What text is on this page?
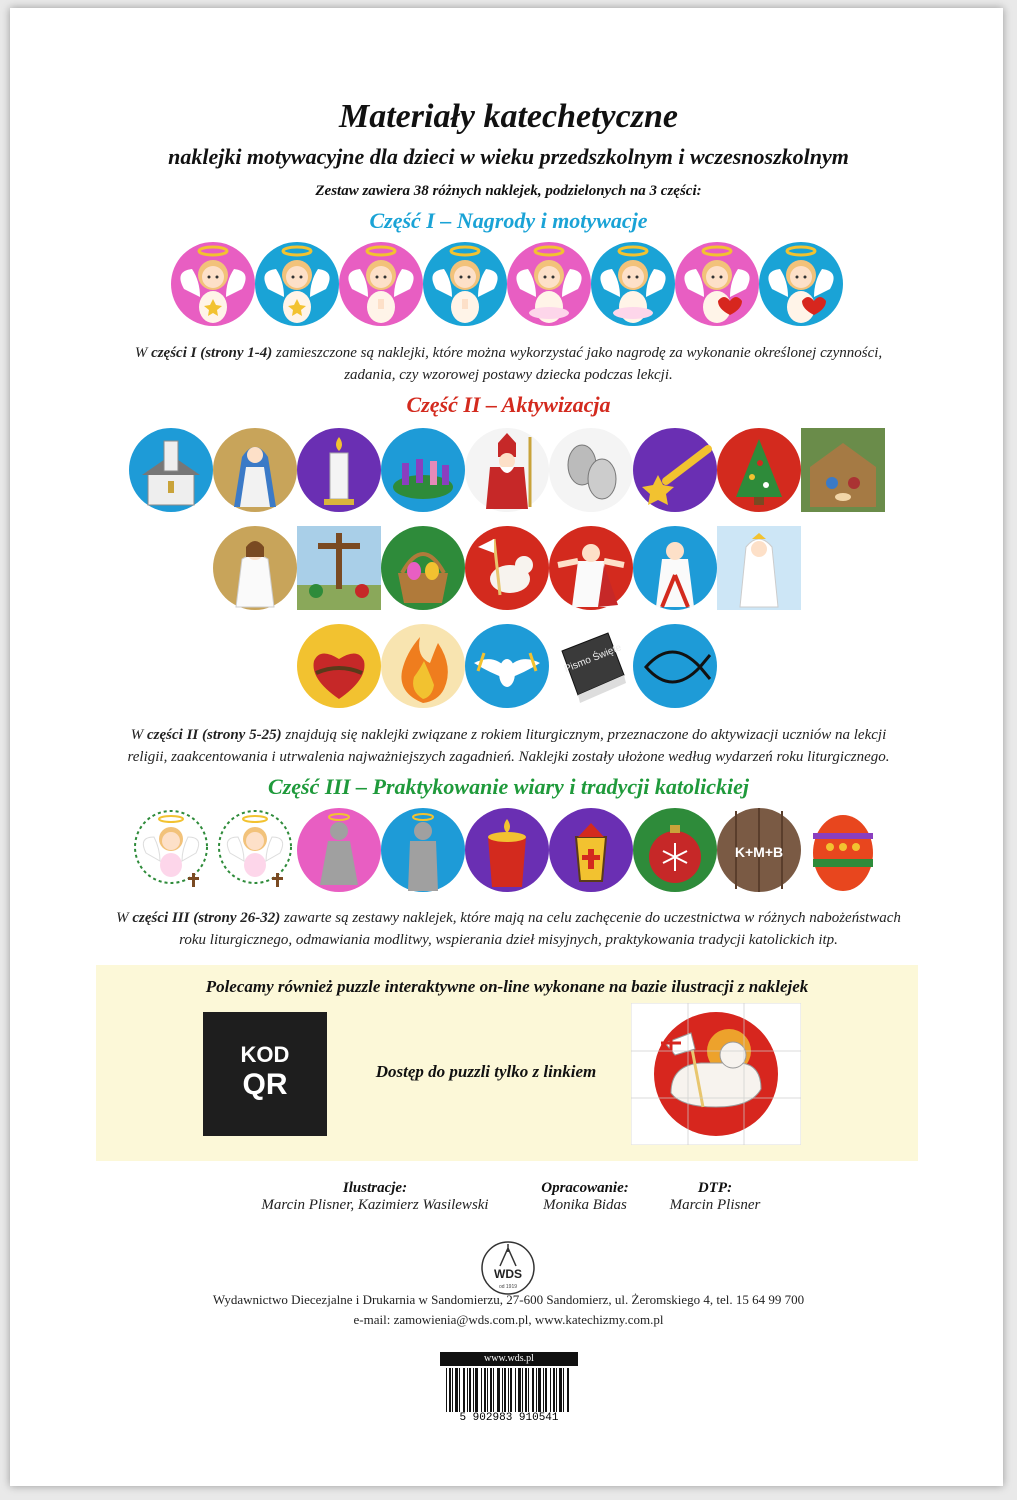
Materiały katechetyczne
naklejki motywacyjne dla dzieci w wieku przedszkolnym i wczesnoszkolnym
Zestaw zawiera 38 różnych naklejek, podzielonych na 3 części:
Część I – Nagrody i motywacje
W części I (strony 1-4) zamieszczone są naklejki, które można wykorzystać jako nagrodę za wykonanie określonej czynności,
zadania, czy wzorowej postawy dziecka podczas lekcji.
Część II – Aktywizacja
Pismo Święte
W części II (strony 5-25) znajdują się naklejki związane z rokiem liturgicznym, przeznaczone do aktywizacji uczniów na lekcji
religii, zaakcentowania i utrwalenia najważniejszych zagadnień. Naklejki zostały ułożone według wydarzeń roku liturgicznego.
Część III – Praktykowanie wiary i tradycji katolickiej
K+M+B
W części III (strony 26-32) zawarte są zestawy naklejek, które mają na celu zachęcenie do uczestnictwa w różnych nabożeństwach
roku liturgicznego, odmawiania modlitwy, wspierania dzieł misyjnych, praktykowania tradycji katolickich itp.
Polecamy również puzzle interaktywne on-line wykonane na bazie ilustracji z naklejek
KOD
QR	Dostęp do puzzli tylko z linkiem
Ilustracje:
Marcin Plisner, Kazimierz Wasilewski
Opracowanie:
Monika Bidas
DTP:
Marcin Plisner
WDS
od 1919
Wydawnictwo Diecezjalne i Drukarnia w Sandomierzu, 27-600 Sandomierz, ul. Żeromskiego 4, tel. 15 64 99 700
e-mail: zamowienia@wds.com.pl, www.katechizmy.com.pl
www.wds.pl
5 902983 910541
